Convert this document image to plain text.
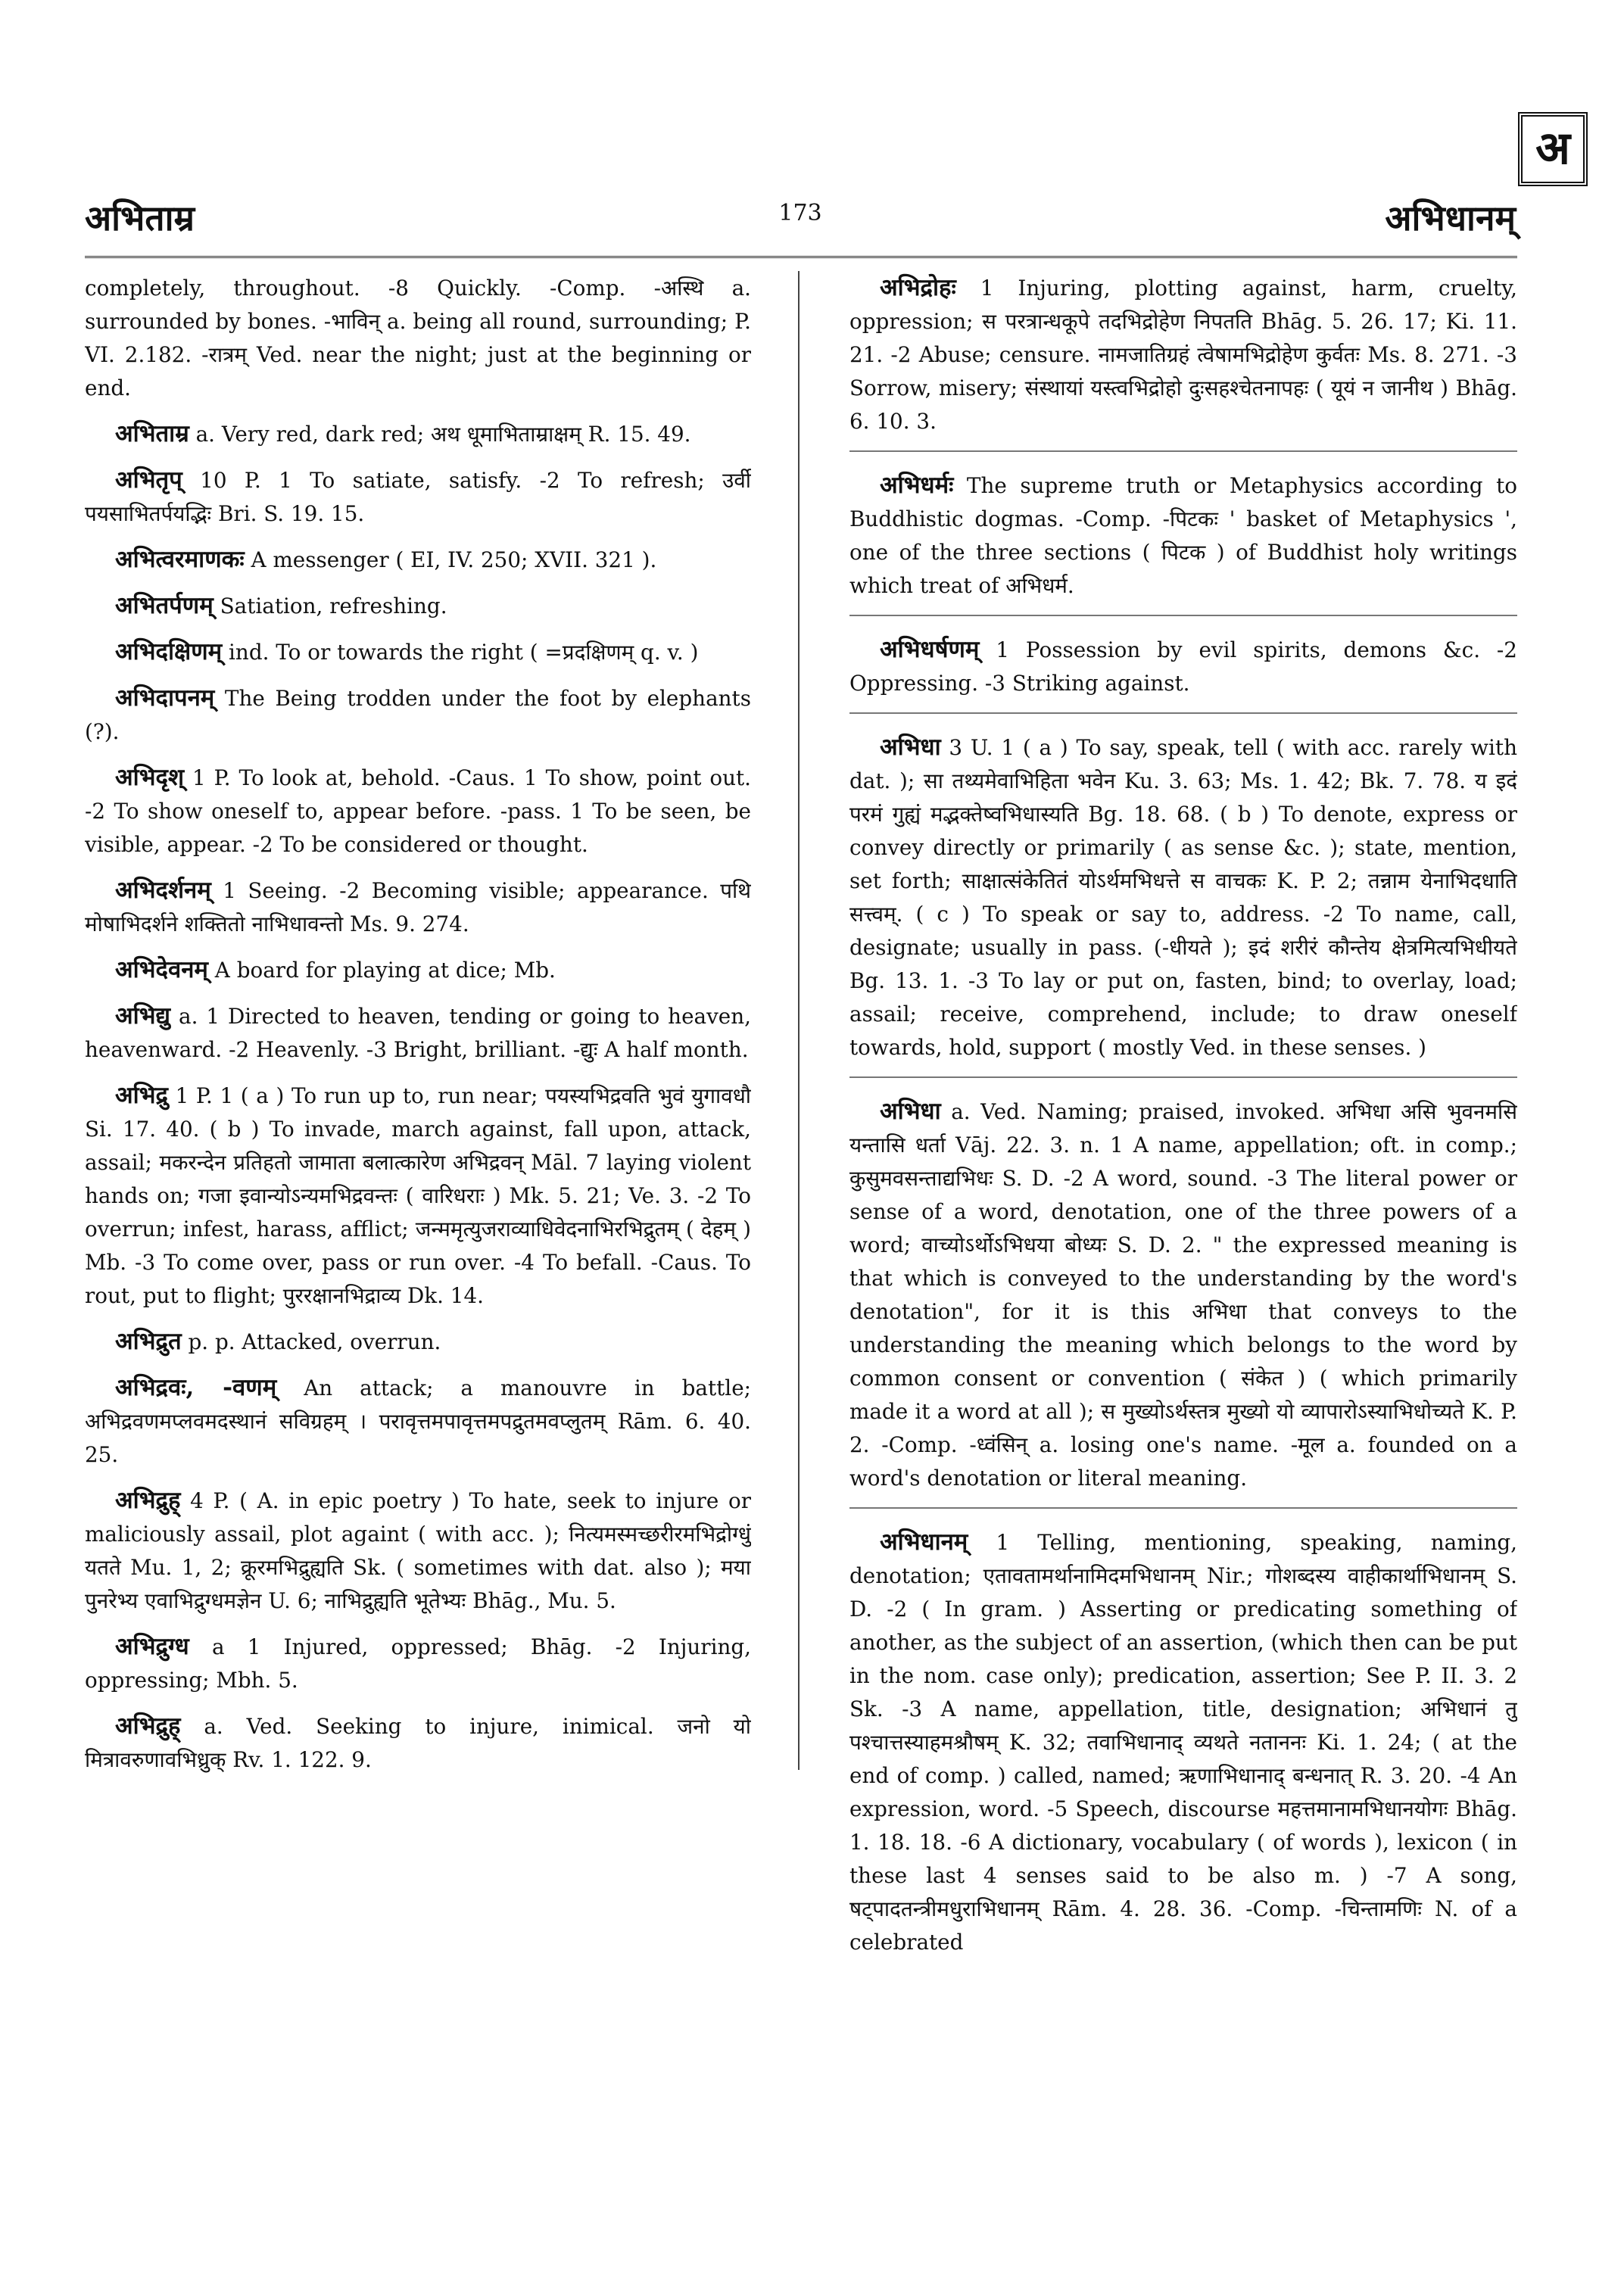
अ
अभिताम्र	173	अभिधानम्

completely, throughout. -8 Quickly. -Comp. -अस्थि a. surrounded by bones. -भाविन् a. being all round, surrounding; P. VI. 2.182. -रात्रम् Ved. near the night; just at the beginning or end.

अभिताम्र a. Very red, dark red; अथ धूमाभिताम्राक्षम् R. 15. 49.

अभितृप् 10 P. 1 To satiate, satisfy. -2 To refresh; उर्वी पयसाभितर्पयद्भिः Bri. S. 19. 15.

अभित्वरमाणकः A messenger ( EI, IV. 250; XVII. 321 ).

अभितर्पणम् Satiation, refreshing.

अभिदक्षिणम् ind. To or towards the right ( =प्रदक्षिणम् q. v. )

अभिदापनम् The Being trodden under the foot by elephants (?).

अभिदृश् 1 P. To look at, behold. -Caus. 1 To show, point out. -2 To show oneself to, appear before. -pass. 1 To be seen, be visible, appear. -2 To be considered or thought.

अभिदर्शनम् 1 Seeing. -2 Becoming visible; appearance. पथि मोषाभिदर्शने शक्तितो नाभिधावन्तो Ms. 9. 274.

अभिदेवनम् A board for playing at dice; Mb.

अभिद्यु a. 1 Directed to heaven, tending or going to heaven, heavenward. -2 Heavenly. -3 Bright, brilliant. -द्युः A half month.

अभिद्रु 1 P. 1 ( a ) To run up to, run near; पयस्यभिद्रवति भुवं युगावधौ Si. 17. 40. ( b ) To invade, march against, fall upon, attack, assail; मकरन्देन प्रतिहतो जामाता बलात्कारेण अभिद्रवन् Māl. 7 laying violent hands on; गजा इवान्योऽन्यमभिद्रवन्तः ( वारिधराः ) Mk. 5. 21; Ve. 3. -2 To overrun; infest, harass, afflict; जन्ममृत्युजराव्याधिवेदनाभिरभिद्रुतम् ( देहम् ) Mb. -3 To come over, pass or run over. -4 To befall. -Caus. To rout, put to flight; पुररक्षानभिद्राव्य Dk. 14.

अभिद्रुत p. p. Attacked, overrun.

अभिद्रवः, -वणम् An attack; a manouvre in battle; अभिद्रवणमप्लवमदस्थानं सविग्रहम् । परावृत्तमपावृत्तमपद्रुतमवप्लुतम् Rām. 6. 40. 25.

अभिद्रुह् 4 P. ( A. in epic poetry ) To hate, seek to injure or maliciously assail, plot againt ( with acc. ); नित्यमस्मच्छरीरमभिद्रोग्धुं यतते Mu. 1, 2; क्रूरमभिद्रुह्यति Sk. ( sometimes with dat. also ); मया पुनरेभ्य एवाभिद्रुग्धमज्ञेन U. 6; नाभिद्रुह्यति भूतेभ्यः Bhāg., Mu. 5.

अभिद्रुग्ध a 1 Injured, oppressed; Bhāg. -2 Injuring, oppressing; Mbh. 5.

अभिद्रुह् a. Ved. Seeking to injure, inimical. जनो यो मित्रावरुणावभिध्रुक् Rv. 1. 122. 9.

अभिद्रोहः 1 Injuring, plotting against, harm, cruelty, oppression; स परत्रान्धकूपे तदभिद्रोहेण निपतति Bhāg. 5. 26. 17; Ki. 11. 21. -2 Abuse; censure. नामजातिग्रहं त्वेषामभिद्रोहेण कुर्वतः Ms. 8. 271. -3 Sorrow, misery; संस्थायां यस्त्वभिद्रोहो दुःसहश्चेतनापहः ( यूयं न जानीथ ) Bhāg. 6. 10. 3.

अभिधर्मः The supreme truth or Metaphysics according to Buddhistic dogmas. -Comp. -पिटकः ' basket of Metaphysics ', one of the three sections ( पिटक ) of Buddhist holy writings which treat of अभिधर्म.

अभिधर्षणम् 1 Possession by evil spirits, demons &c. -2 Oppressing. -3 Striking against.

अभिधा 3 U. 1 ( a ) To say, speak, tell ( with acc. rarely with dat. ); सा तथ्यमेवाभिहिता भवेन Ku. 3. 63; Ms. 1. 42; Bk. 7. 78. य इदं परमं गुह्यं मद्भक्तेष्वभिधास्यति Bg. 18. 68. ( b ) To denote, express or convey directly or primarily ( as sense &c. ); state, mention, set forth; साक्षात्संकेतितं योऽर्थमभिधत्ते स वाचकः K. P. 2; तन्नाम येनाभिदधाति सत्त्वम्. ( c ) To speak or say to, address. -2 To name, call, designate; usually in pass. (-धीयते ); इदं शरीरं कौन्तेय क्षेत्रमित्यभिधीयते Bg. 13. 1. -3 To lay or put on, fasten, bind; to overlay, load; assail; receive, comprehend, include; to draw oneself towards, hold, support ( mostly Ved. in these senses. )

अभिधा a. Ved. Naming; praised, invoked. अभिधा असि भुवनमसि यन्तासि धर्ता Vāj. 22. 3. n. 1 A name, appellation; oft. in comp.; कुसुमवसन्ताद्यभिधः S. D. -2 A word, sound. -3 The literal power or sense of a word, denotation, one of the three powers of a word; वाच्योऽर्थोऽभिधया बोध्यः S. D. 2. " the expressed meaning is that which is conveyed to the understanding by the word's denotation", for it is this अभिधा that conveys to the understanding the meaning which belongs to the word by common consent or convention ( संकेत ) ( which primarily made it a word at all ); स मुख्योऽर्थस्तत्र मुख्यो यो व्यापारोऽस्याभिधोच्यते K. P. 2. -Comp. -ध्वंसिन् a. losing one's name. -मूल a. founded on a word's denotation or literal meaning.

अभिधानम् 1 Telling, mentioning, speaking, naming, denotation; एतावतामर्थानामिदमभिधानम् Nir.; गोशब्दस्य वाहीकार्थाभिधानम् S. D. -2 ( In gram. ) Asserting or predicating something of another, as the subject of an assertion, (which then can be put in the nom. case only); predication, assertion; See P. II. 3. 2 Sk. -3 A name, appellation, title, designation; अभिधानं तु पश्चात्तस्याहमश्रौषम् K. 32; तवाभिधानाद् व्यथते नताननः Ki. 1. 24; ( at the end of comp. ) called, named; ऋणाभिधानाद् बन्धनात् R. 3. 20. -4 An expression, word. -5 Speech, discourse महत्तमानामभिधानयोगः Bhāg. 1. 18. 18. -6 A dictionary, vocabulary ( of words ), lexicon ( in these last 4 senses said to be also m. ) -7 A song, षट्पादतन्त्रीमधुराभिधानम् Rām. 4. 28. 36. -Comp. -चिन्तामणिः N. of a celebrated
